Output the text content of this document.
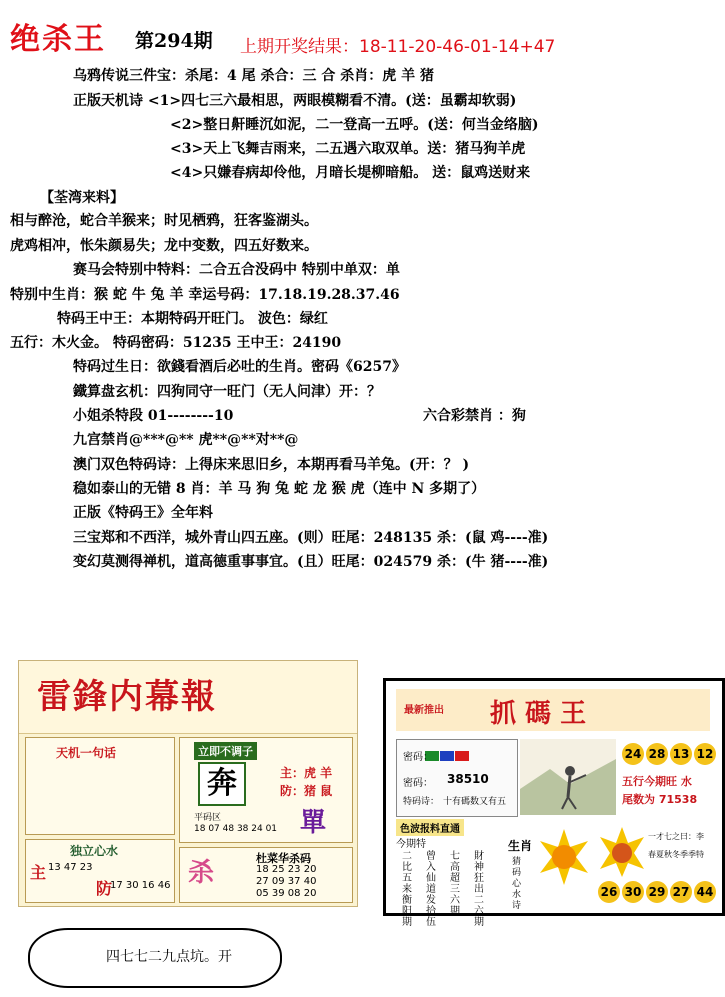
绝杀王 第294期 上期开奖结果：18-11-20-46-01-14+47
乌鸦传说三件宝：杀尾：4 尾 杀合：三 合 杀肖：虎 羊 猪
正版天机诗 <1>四七三六最相思，两眼模糊看不清。(送：虽霸却软弱)
<2>整日鼾睡沉如泥，二一登高一五呼。(送：何当金络脑)
<3>天上飞舞吉雨来，二五遇六取双单。送：猪马狗羊虎
<4>只嫌春病却伶他，月暗长堤柳暗船。 送：鼠鸡送财来
【荃湾来料】
相与醉沧，蛇合羊猴来；时见栖鸦，狂客鉴湖头。
虎鸡相冲，怅朱颜易失；龙中变数，四五好数来。
赛马会特别中特料：二合五合没码中 特别中单双：单
特别中生肖：猴 蛇 牛 兔 羊 幸运号码：17.18.19.28.37.46
特码王中王：本期特码开旺门。 波色：绿红
五行：木火金。 特码密码：51235 王中王：24190
特码过生日：欲錢看酒后必吐的生肖。密码《6257》
鐵算盘玄机：四狗同守一旺门（无人问津）开：？
小姐杀特段 01--------10	六合彩禁肖 ：狗
九宫禁肖@***@** 虎**@**对**@
澳门双色特码诗：上得床来思旧乡，本期再看马羊兔。(开：？ )
稳如泰山的无错 8 肖：羊 马 狗 兔 蛇 龙 猴 虎（连中 N 多期了）
正版《特码王》全年料
三宝郑和不西洋，城外青山四五座。(则）旺尾：248135 杀：(鼠 鸡----准)
变幻莫测得禅机，道高德重事事宜。(且）旺尾：024579 杀：(牛 猪----准)
雷鋒内幕報
天机一句话	立即不调子
奔	主：虎 羊
防：猪 鼠
平码区
18 07 48 38 24 01 單
独立心水
主 13 47 23
防
17 30 16 46 杀	杜菜华杀码
18 25 23 20
27 09 37 40
05 39 08 20
最新推出 抓 碼 王
密码：
密码： 38510
特码诗： 十有碼数又有五
24 28 13 12
五行今期旺 水
尾数为 71538
色波报料直通
今期特
二比五来衡阳期
曾入仙道发拾伍
七高超三六期
財神狂出二六期
生肖
猜码心水诗
一才七之曰：李
春夏秋冬季季特
26 30 29 27 44
四七七二九点坑。开
